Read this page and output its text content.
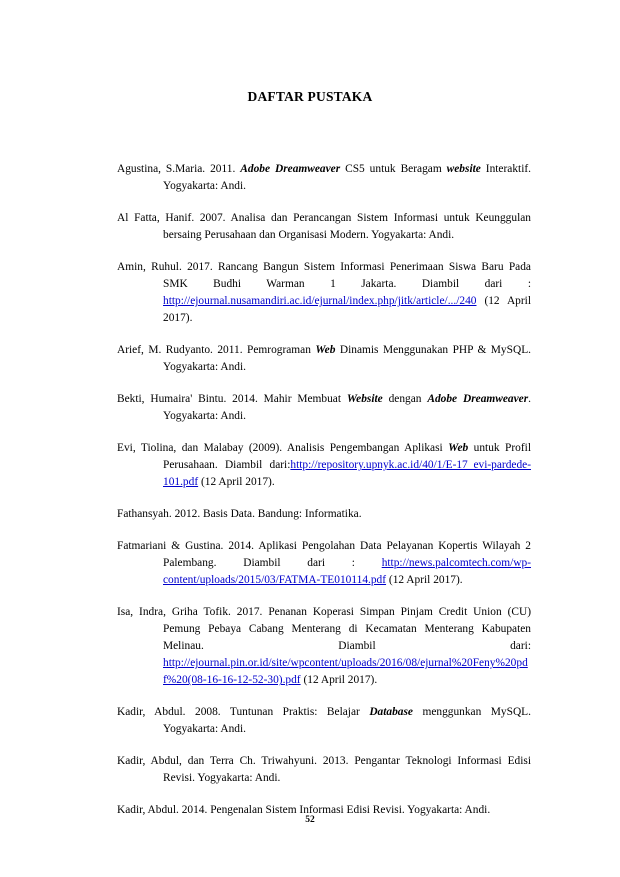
DAFTAR PUSTAKA

Agustina, S.Maria. 2011. Adobe Dreamweaver CS5 untuk Beragam website Interaktif. Yogyakarta: Andi.

Al Fatta, Hanif. 2007. Analisa dan Perancangan Sistem Informasi untuk Keunggulan bersaing Perusahaan dan Organisasi Modern. Yogyakarta: Andi.

Amin, Ruhul. 2017. Rancang Bangun Sistem Informasi Penerimaan Siswa Baru Pada SMK Budhi Warman 1 Jakarta. Diambil dari : http://ejournal.nusamandiri.ac.id/ejurnal/index.php/jitk/article/.../240 (12 April 2017).

Arief, M. Rudyanto. 2011. Pemrograman Web Dinamis Menggunakan PHP & MySQL. Yogyakarta: Andi.

Bekti, Humaira' Bintu. 2014. Mahir Membuat Website dengan Adobe Dreamweaver. Yogyakarta: Andi.

Evi, Tiolina, dan Malabay (2009). Analisis Pengembangan Aplikasi Web untuk Profil Perusahaan. Diambil dari:http://repository.upnyk.ac.id/40/1/E-17_evi-pardede-101.pdf (12 April 2017).

Fathansyah. 2012. Basis Data. Bandung: Informatika.

Fatmariani & Gustina. 2014. Aplikasi Pengolahan Data Pelayanan Kopertis Wilayah 2 Palembang. Diambil dari : http://news.palcomtech.com/wp-content/uploads/2015/03/FATMA-TE010114.pdf (12 April 2017).

Isa, Indra, Griha Tofik. 2017. Penanan Koperasi Simpan Pinjam Credit Union (CU) Pemung Pebaya Cabang Menterang di Kecamatan Menterang Kabupaten Melinau. Diambil dari: http://ejournal.pin.or.id/site/wpcontent/uploads/2016/08/ejurnal%20Feny%20pdf%20(08-16-16-12-52-30).pdf (12 April 2017).

Kadir, Abdul. 2008. Tuntunan Praktis: Belajar Database menggunkan MySQL. Yogyakarta: Andi.

Kadir, Abdul, dan Terra Ch. Triwahyuni. 2013. Pengantar Teknologi Informasi Edisi Revisi. Yogyakarta: Andi.

Kadir, Abdul. 2014. Pengenalan Sistem Informasi Edisi Revisi. Yogyakarta: Andi.

52
